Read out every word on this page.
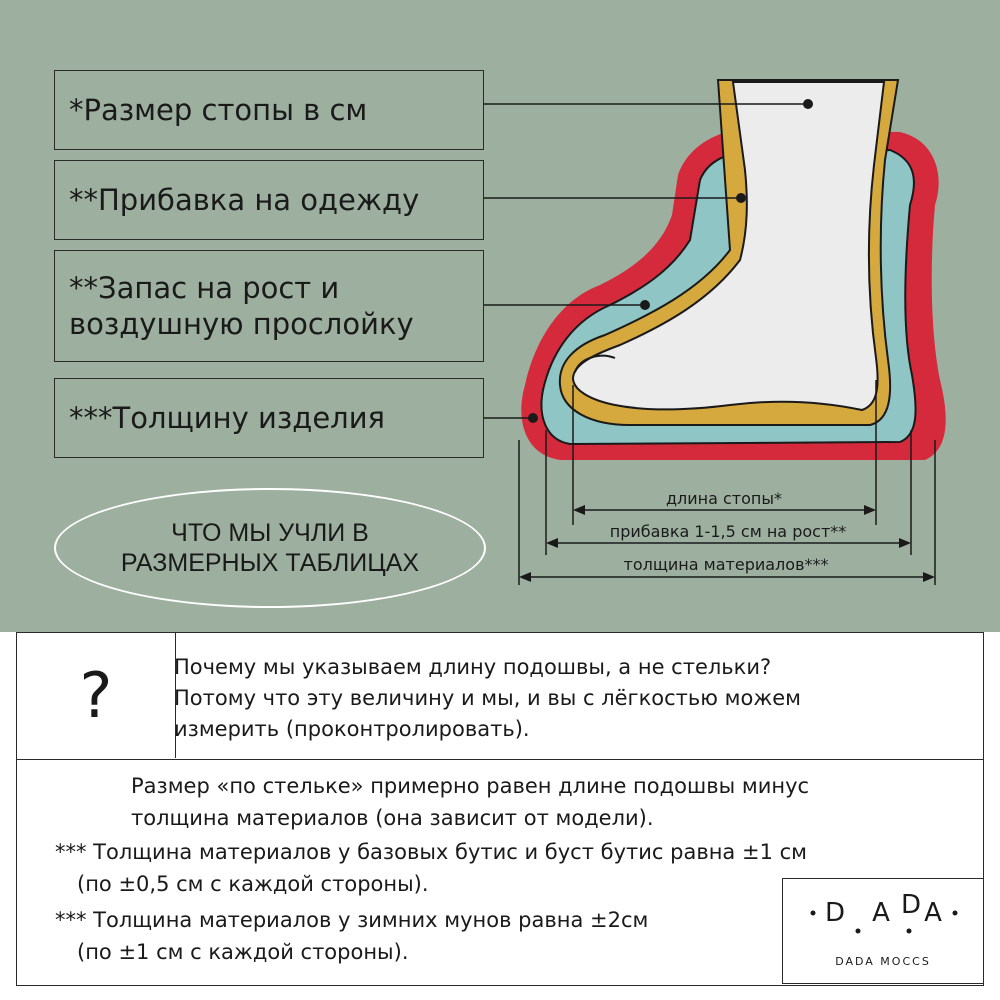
*Размер стопы в см
**Прибавка на одежду
**Запас на рост и
воздушную прослойку
***Толщину изделия
ЧТО МЫ УЧЛИ В
РАЗМЕРНЫХ ТАБЛИЦАХ
длина стопы*
прибавка 1-1,5 см на рост**
толщина материалов***
?	Почему мы указываем длину подошвы, а не стельки?
Потому что эту величину и мы, и вы с лёгкостью можем
измерить (проконтролировать).
Размер «по стельке» примерно равен длине подошвы минус
толщина материалов (она зависит от модели).
*** Толщина материалов у базовых бутис и буст бутис равна ±1 см
(по ±0,5 см с каждой стороны).
*** Толщина материалов у зимних мунов равна ±2см
(по ±1 см с каждой стороны).
D A D A
DADA MOCCS
